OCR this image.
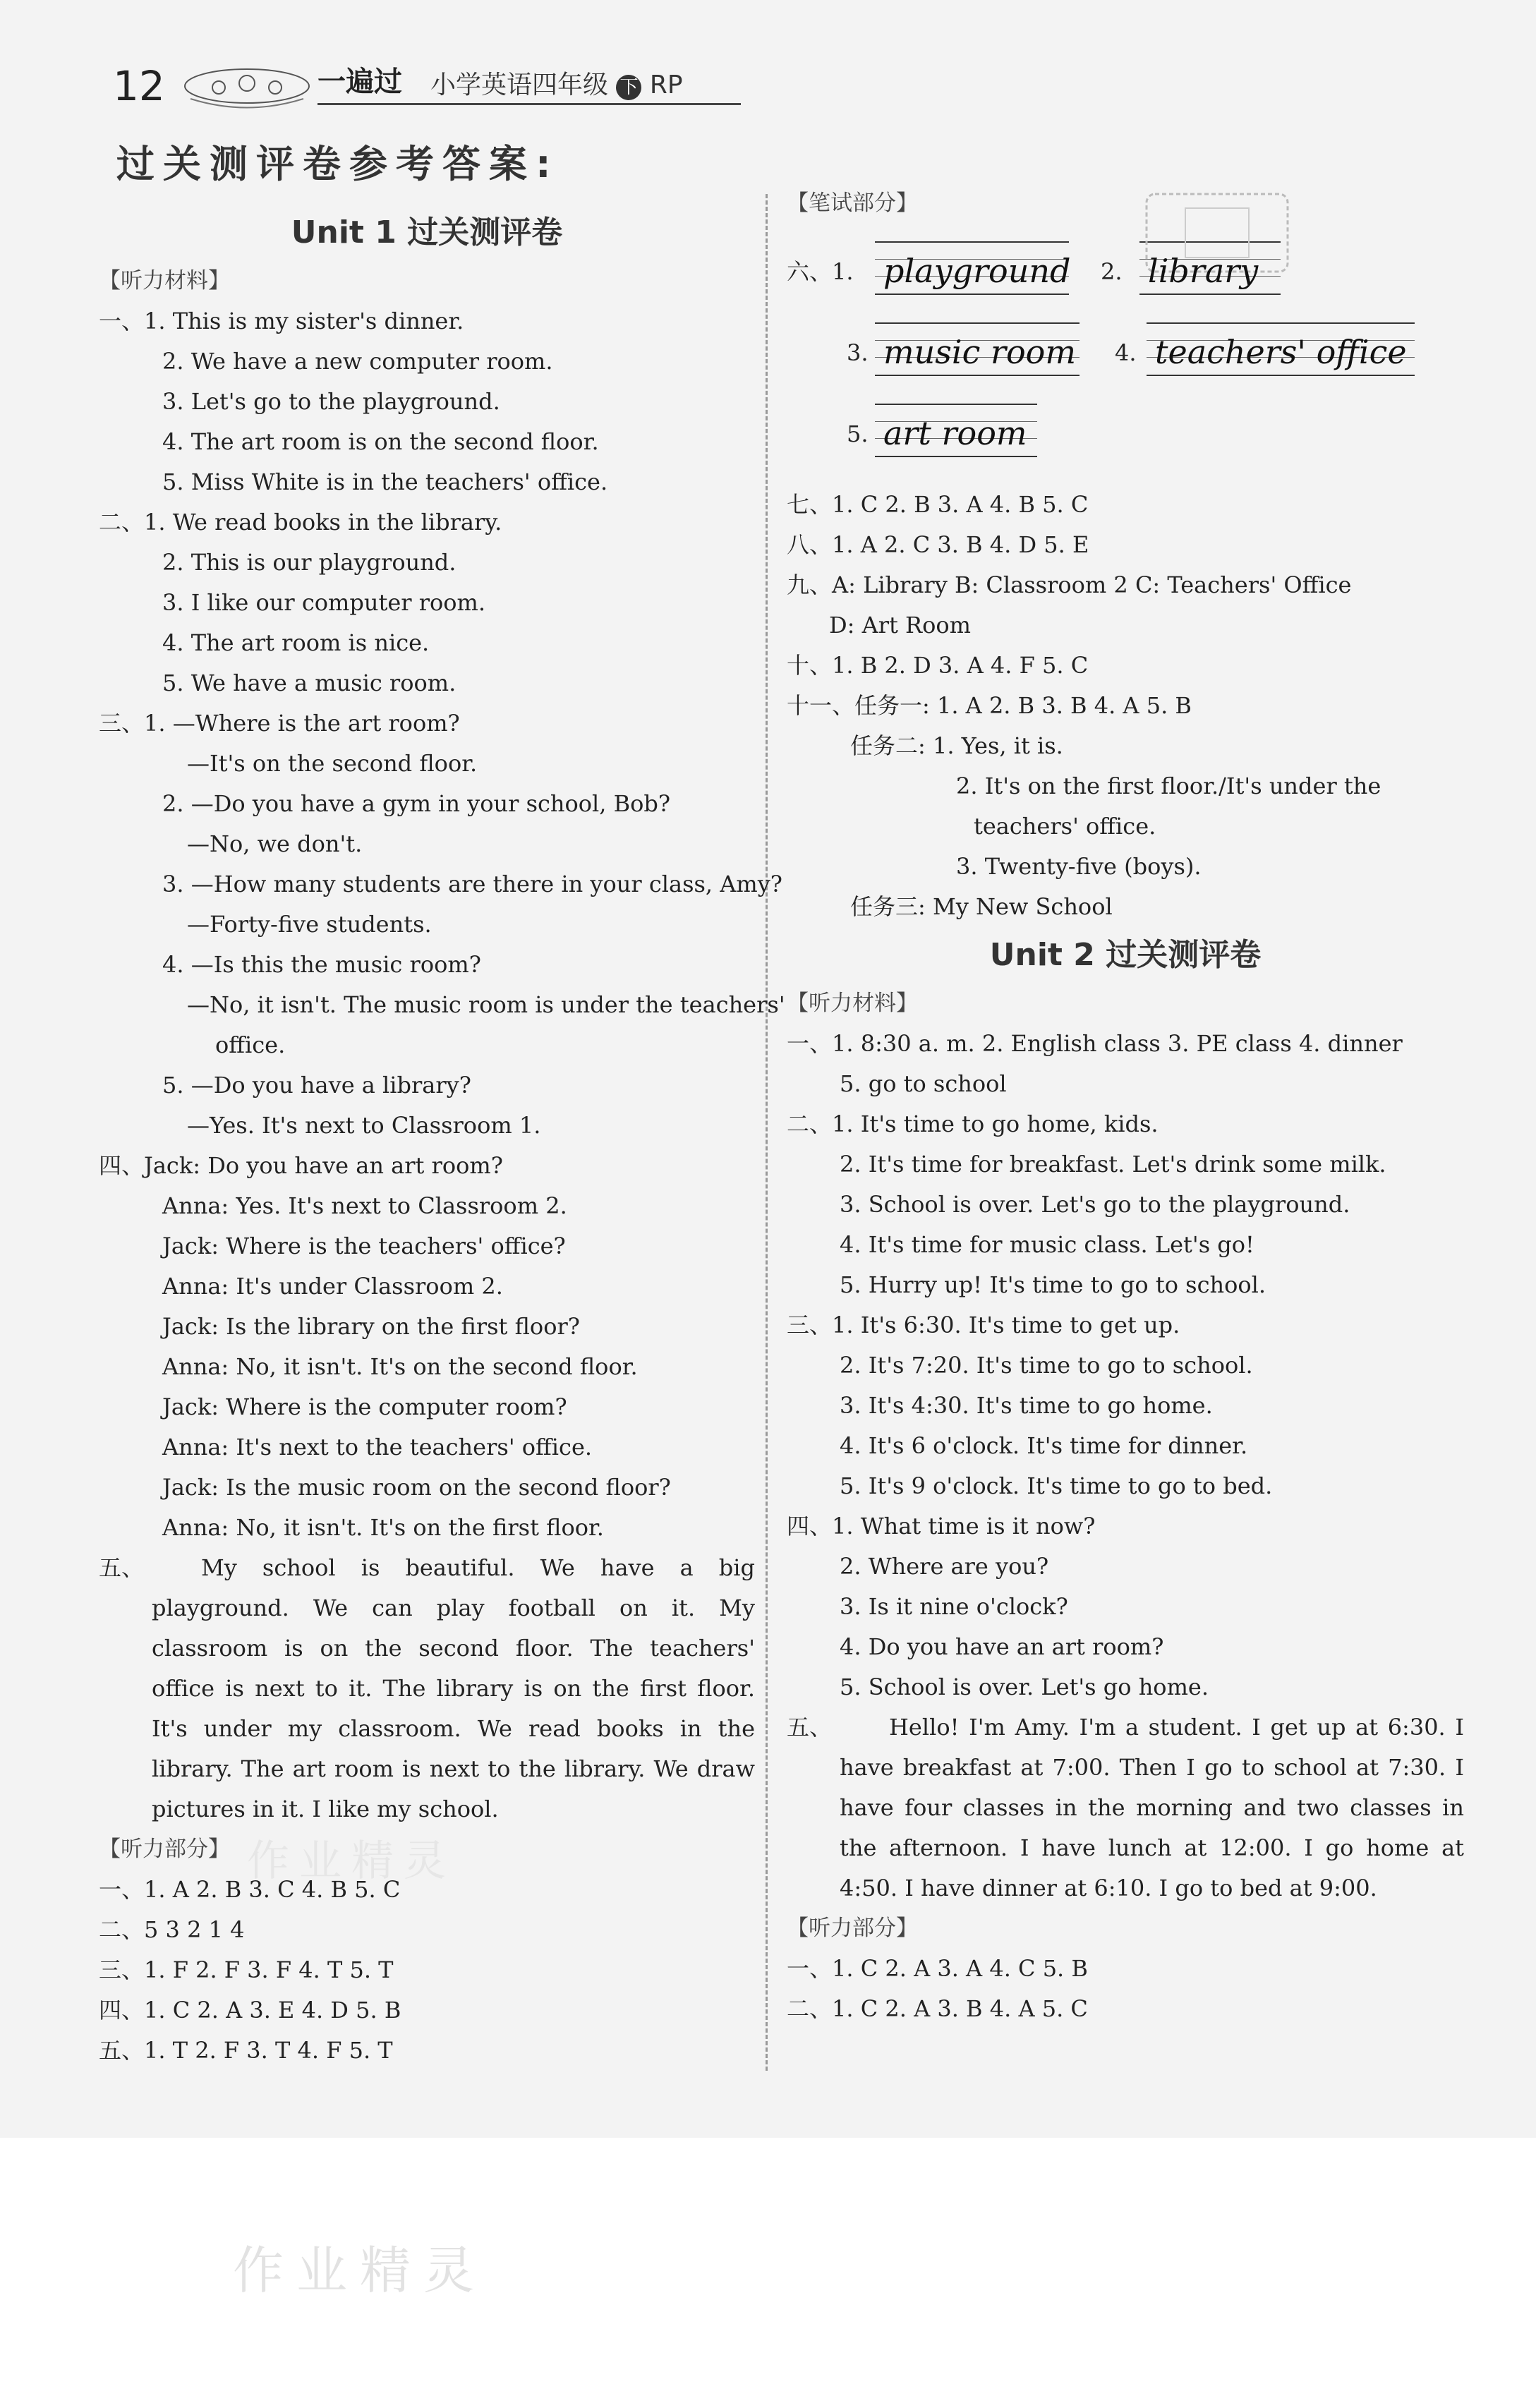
12	一遍过 小学英语四年级 下 RP
过关测评卷参考答案:
Unit 1 过关测评卷
【听力材料】
一、1. This is my sister's dinner.
2. We have a new computer room.
3. Let's go to the playground.
4. The art room is on the second floor.
5. Miss White is in the teachers' office.
二、1. We read books in the library.
2. This is our playground.
3. I like our computer room.
4. The art room is nice.
5. We have a music room.
三、1. —Where is the art room?
—It's on the second floor.
2. —Do you have a gym in your school, Bob?
—No, we don't.
3. —How many students are there in your class, Amy?
—Forty-five students.
4. —Is this the music room?
—No, it isn't. The music room is under the teachers'
office.
5. —Do you have a library?
—Yes. It's next to Classroom 1.
四、Jack: Do you have an art room?
Anna: Yes. It's next to Classroom 2.
Jack: Where is the teachers' office?
Anna: It's under Classroom 2.
Jack: Is the library on the first floor?
Anna: No, it isn't. It's on the second floor.
Jack: Where is the computer room?
Anna: It's next to the teachers' office.
Jack: Is the music room on the second floor?
Anna: No, it isn't. It's on the first floor.
五、	My school is beautiful. We have a big playground. We can play football on it. My classroom is on the second floor. The teachers' office is next to it. The library is on the first floor. It's under my classroom. We read books in the library. The art room is next to the library. We draw pictures in it. I like my school.
【听力部分】
一、1. A 2. B 3. C 4. B 5. C
二、5 3 2 1 4
三、1. F 2. F 3. F 4. T 5. T
四、1. C 2. A 3. E 4. D 5. B
五、1. T 2. F 3. T 4. F 5. T
【笔试部分】
六、1. playground 2. library
3. music room 4. teachers' office
5. art room
七、1. C 2. B 3. A 4. B 5. C
八、1. A 2. C 3. B 4. D 5. E
九、A: Library B: Classroom 2 C: Teachers' Office
D: Art Room
十、1. B 2. D 3. A 4. F 5. C
十一、任务一: 1. A 2. B 3. B 4. A 5. B
任务二: 1. Yes, it is.
2. It's on the first floor./It's under the
teachers' office.
3. Twenty-five (boys).
任务三: My New School
Unit 2 过关测评卷
【听力材料】
一、1. 8:30 a. m. 2. English class 3. PE class 4. dinner
5. go to school
二、1. It's time to go home, kids.
2. It's time for breakfast. Let's drink some milk.
3. School is over. Let's go to the playground.
4. It's time for music class. Let's go!
5. Hurry up! It's time to go to school.
三、1. It's 6:30. It's time to get up.
2. It's 7:20. It's time to go to school.
3. It's 4:30. It's time to go home.
4. It's 6 o'clock. It's time for dinner.
5. It's 9 o'clock. It's time to go to bed.
四、1. What time is it now?
2. Where are you?
3. Is it nine o'clock?
4. Do you have an art room?
5. School is over. Let's go home.
五、	Hello! I'm Amy. I'm a student. I get up at 6:30. I have breakfast at 7:00. Then I go to school at 7:30. I have four classes in the morning and two classes in the afternoon. I have lunch at 12:00. I go home at 4:50. I have dinner at 6:10. I go to bed at 9:00.
【听力部分】
一、1. C 2. A 3. A 4. C 5. B
二、1. C 2. A 3. B 4. A 5. C
作业精灵
作业精灵
